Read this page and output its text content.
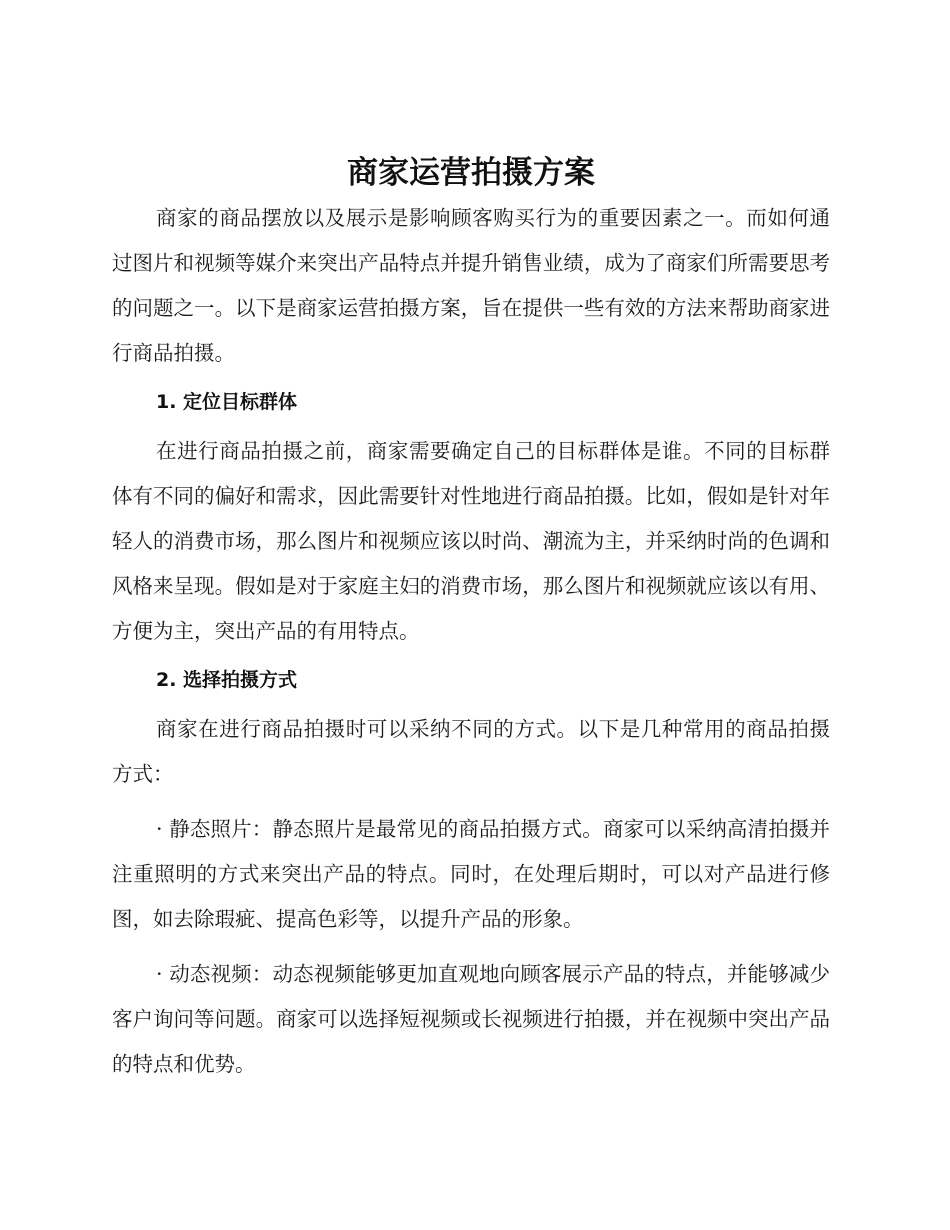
商家运营拍摄方案

商家的商品摆放以及展示是影响顾客购买行为的重要因素之一。而如何通过图片和视频等媒介来突出产品特点并提升销售业绩，成为了商家们所需要思考的问题之一。以下是商家运营拍摄方案，旨在提供一些有效的方法来帮助商家进行商品拍摄。

1. 定位目标群体

在进行商品拍摄之前，商家需要确定自己的目标群体是谁。不同的目标群体有不同的偏好和需求，因此需要针对性地进行商品拍摄。比如，假如是针对年轻人的消费市场，那么图片和视频应该以时尚、潮流为主，并采纳时尚的色调和风格来呈现。假如是对于家庭主妇的消费市场，那么图片和视频就应该以有用、方便为主，突出产品的有用特点。

2. 选择拍摄方式

商家在进行商品拍摄时可以采纳不同的方式。以下是几种常用的商品拍摄方式：

· 静态照片：静态照片是最常见的商品拍摄方式。商家可以采纳高清拍摄并注重照明的方式来突出产品的特点。同时，在处理后期时，可以对产品进行修图，如去除瑕疵、提高色彩等，以提升产品的形象。

· 动态视频：动态视频能够更加直观地向顾客展示产品的特点，并能够减少客户询问等问题。商家可以选择短视频或长视频进行拍摄，并在视频中突出产品的特点和优势。
